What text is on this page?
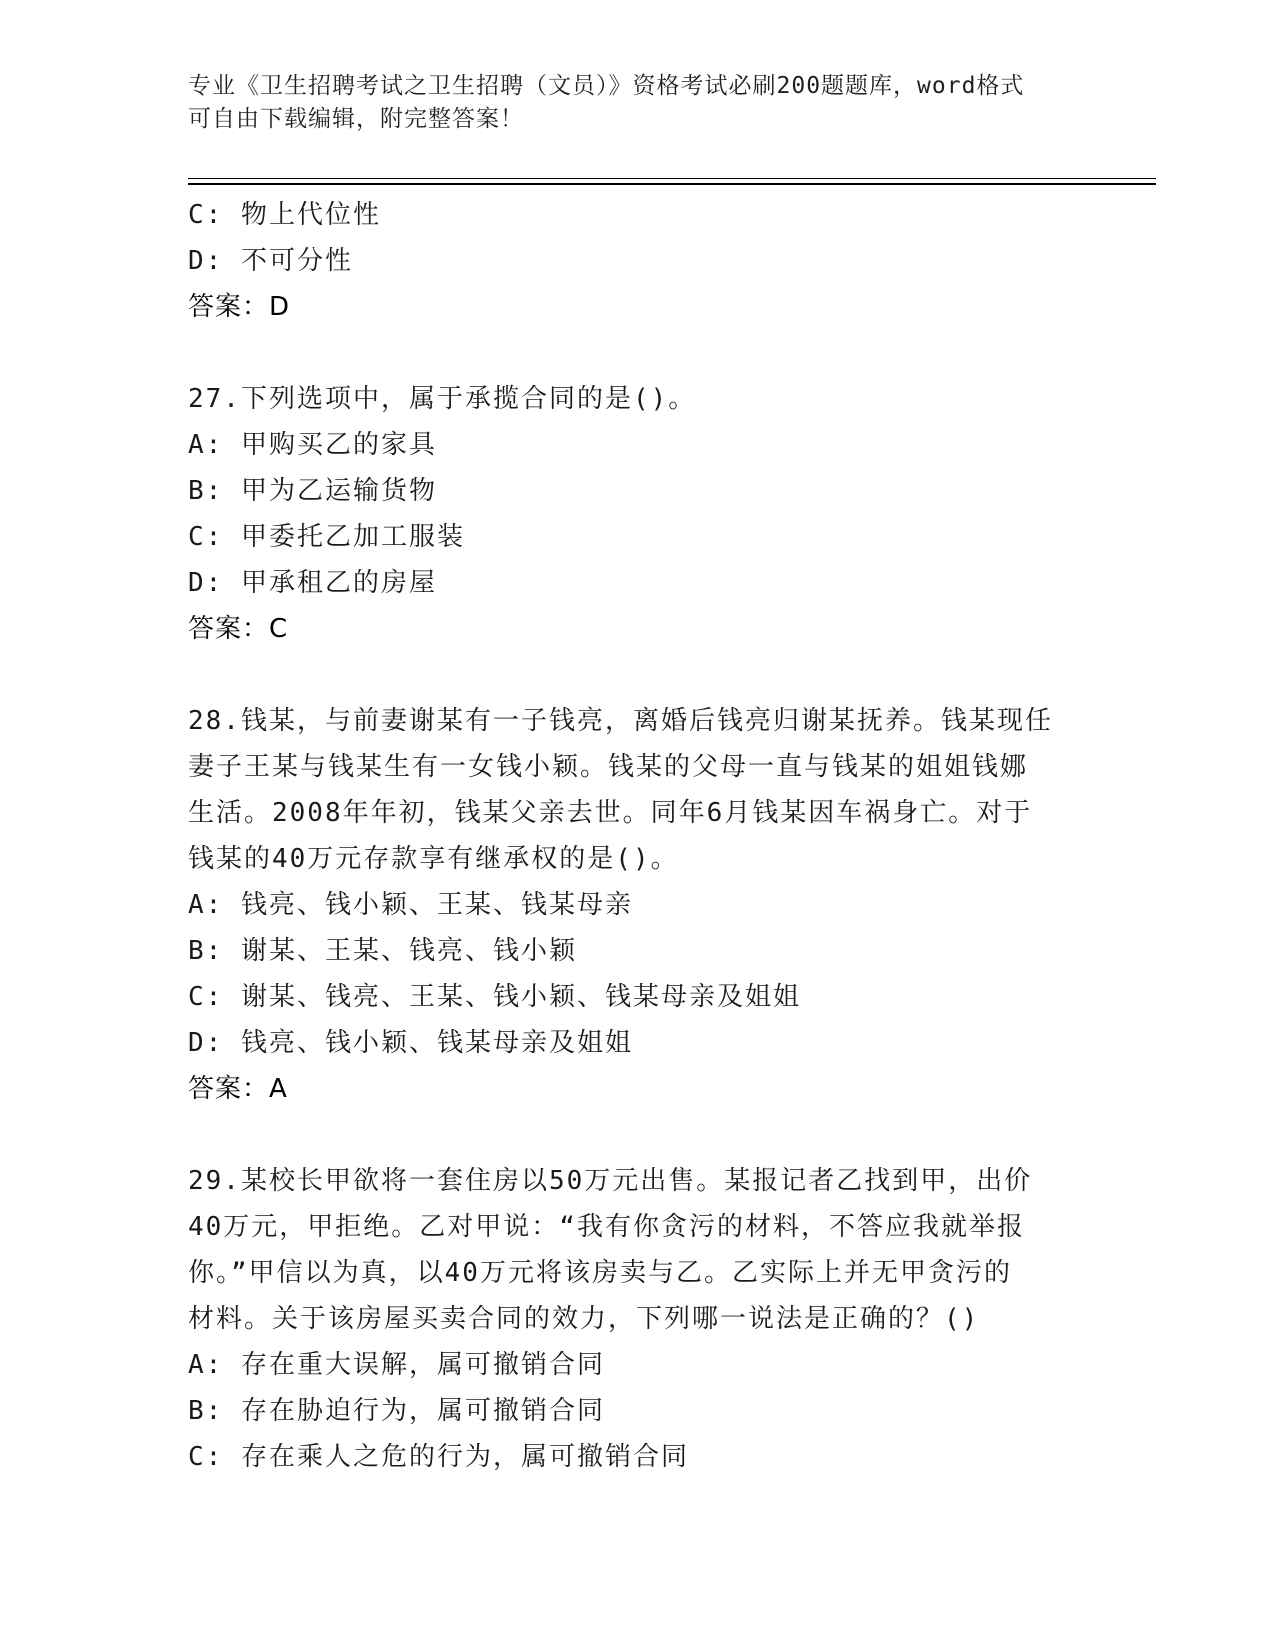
专业《卫生招聘考试之卫生招聘（文员）》资格考试必刷200题题库，word格式

可自由下载编辑，附完整答案！

C: 物上代位性

D: 不可分性

答案：D

27.下列选项中，属于承揽合同的是()。

A: 甲购买乙的家具

B: 甲为乙运输货物

C: 甲委托乙加工服装

D: 甲承租乙的房屋

答案：C

28.钱某，与前妻谢某有一子钱亮，离婚后钱亮归谢某抚养。钱某现任

妻子王某与钱某生有一女钱小颖。钱某的父母一直与钱某的姐姐钱娜

生活。2008年年初，钱某父亲去世。同年6月钱某因车祸身亡。对于

钱某的40万元存款享有继承权的是()。

A: 钱亮、钱小颖、王某、钱某母亲

B: 谢某、王某、钱亮、钱小颖

C: 谢某、钱亮、王某、钱小颖、钱某母亲及姐姐

D: 钱亮、钱小颖、钱某母亲及姐姐

答案：A

29.某校长甲欲将一套住房以50万元出售。某报记者乙找到甲，出价

40万元，甲拒绝。乙对甲说：“我有你贪污的材料，不答应我就举报

你。”甲信以为真，以40万元将该房卖与乙。乙实际上并无甲贪污的

材料。关于该房屋买卖合同的效力，下列哪一说法是正确的？()

A: 存在重大误解，属可撤销合同

B: 存在胁迫行为，属可撤销合同

C: 存在乘人之危的行为，属可撤销合同
